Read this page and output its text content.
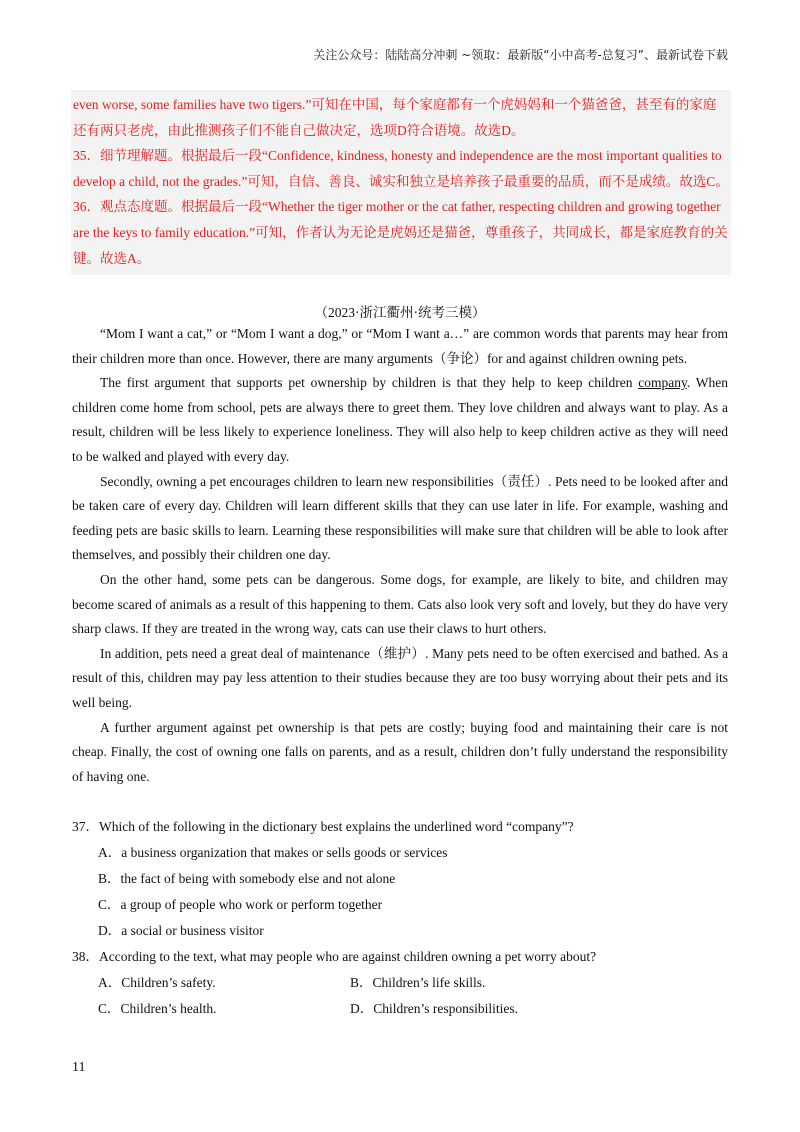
关注公众号：陆陆高分冲刺 ~领取：最新版“小中高考-总复习”、最新试卷下载

even worse, some families have two tigers.”可知在中国，每个家庭都有一个虎妈妈和一个猫爸爸，甚至有的家庭还有两只老虎，由此推测孩子们不能自己做决定，选项D符合语境。故选D。

35．细节理解题。根据最后一段“Confidence, kindness, honesty and independence are the most important qualities to develop a child, not the grades.”可知，自信、善良、诚实和独立是培养孩子最重要的品质，而不是成绩。故选C。

36．观点态度题。根据最后一段“Whether the tiger mother or the cat father, respecting children and growing together are the keys to family education.”可知，作者认为无论是虎妈还是猫爸，尊重孩子，共同成长，都是家庭教育的关键。故选A。

（2023·浙江衢州·统考三模）

“Mom I want a cat,” or “Mom I want a dog,” or “Mom I want a…” are common words that parents may hear from their children more than once. However, there are many arguments（争论）for and against children owning pets.

The first argument that supports pet ownership by children is that they help to keep children company. When children come home from school, pets are always there to greet them. They love children and always want to play. As a result, children will be less likely to experience loneliness. They will also help to keep children active as they will need to be walked and played with every day.

Secondly, owning a pet encourages children to learn new responsibilities（责任）. Pets need to be looked after and be taken care of every day. Children will learn different skills that they can use later in life. For example, washing and feeding pets are basic skills to learn. Learning these responsibilities will make sure that children will be able to look after themselves, and possibly their children one day.

On the other hand, some pets can be dangerous. Some dogs, for example, are likely to bite, and children may become scared of animals as a result of this happening to them. Cats also look very soft and lovely, but they do have very sharp claws. If they are treated in the wrong way, cats can use their claws to hurt others.

In addition, pets need a great deal of maintenance（维护）. Many pets need to be often exercised and bathed. As a result of this, children may pay less attention to their studies because they are too busy worrying about their pets and its well being.

A further argument against pet ownership is that pets are costly; buying food and maintaining their care is not cheap. Finally, the cost of owning one falls on parents, and as a result, children don’t fully understand the responsibility of having one.

37．Which of the following in the dictionary best explains the underlined word “company”?

A．a business organization that makes or sells goods or services

B．the fact of being with somebody else and not alone

C．a group of people who work or perform together

D．a social or business visitor

38．According to the text, what may people who are against children owning a pet worry about?

A．Children’s safety.	B．Children’s life skills.
C．Children’s health.	D．Children’s responsibilities.
11
